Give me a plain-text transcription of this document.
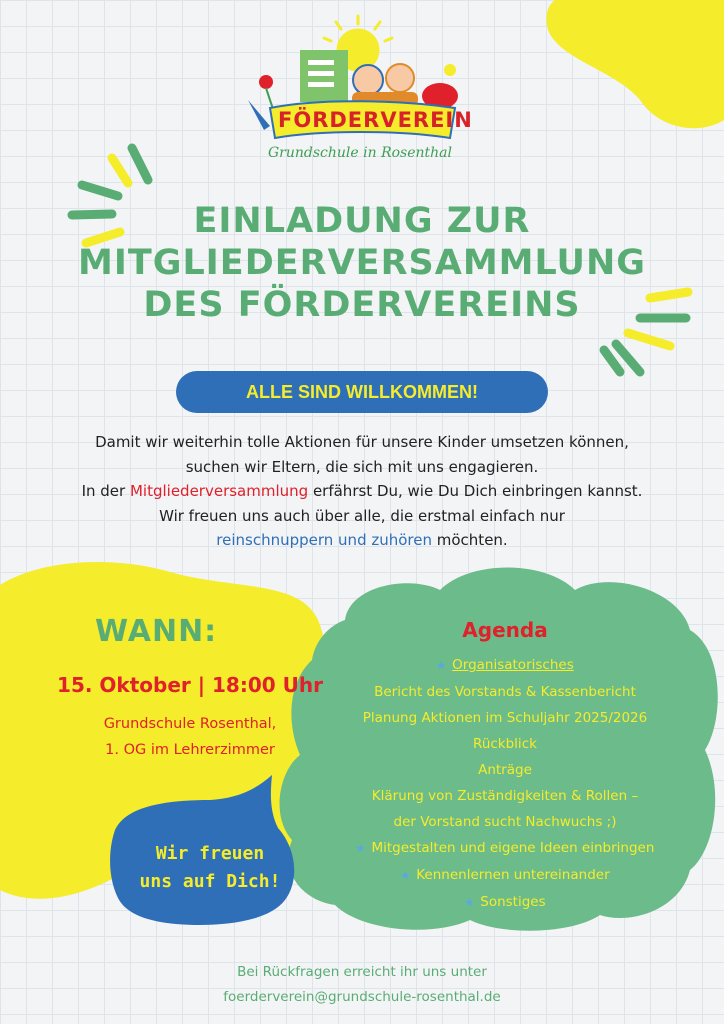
FÖRDERVEREIN
Grundschule in Rosenthal
EINLADUNG ZUR
MITGLIEDERVERSAMMLUNG
DES FÖRDERVEREINS
ALLE SIND WILLKOMMEN!
Damit wir weiterhin tolle Aktionen für unsere Kinder umsetzen können,
suchen wir Eltern, die sich mit uns engagieren.
In der Mitgliederversammlung erfährst Du, wie Du Dich einbringen kannst.
Wir freuen uns auch über alle, die erstmal einfach nur
reinschnuppern und zuhören möchten.
WANN:
15. Oktober | 18:00 Uhr
Grundschule Rosenthal,
1. OG im Lehrerzimmer
Wir freuen
uns auf Dich!
Agenda
★ Organisatorisches
Bericht des Vorstands & Kassenbericht
Planung Aktionen im Schuljahr 2025/2026
Rückblick
Anträge
Klärung von Zuständigkeiten & Rollen –
der Vorstand sucht Nachwuchs ;)
★ Mitgestalten und eigene Ideen einbringen
★ Kennenlernen untereinander
★ Sonstiges
Bei Rückfragen erreicht ihr uns unter
foerderverein@grundschule-rosenthal.de
